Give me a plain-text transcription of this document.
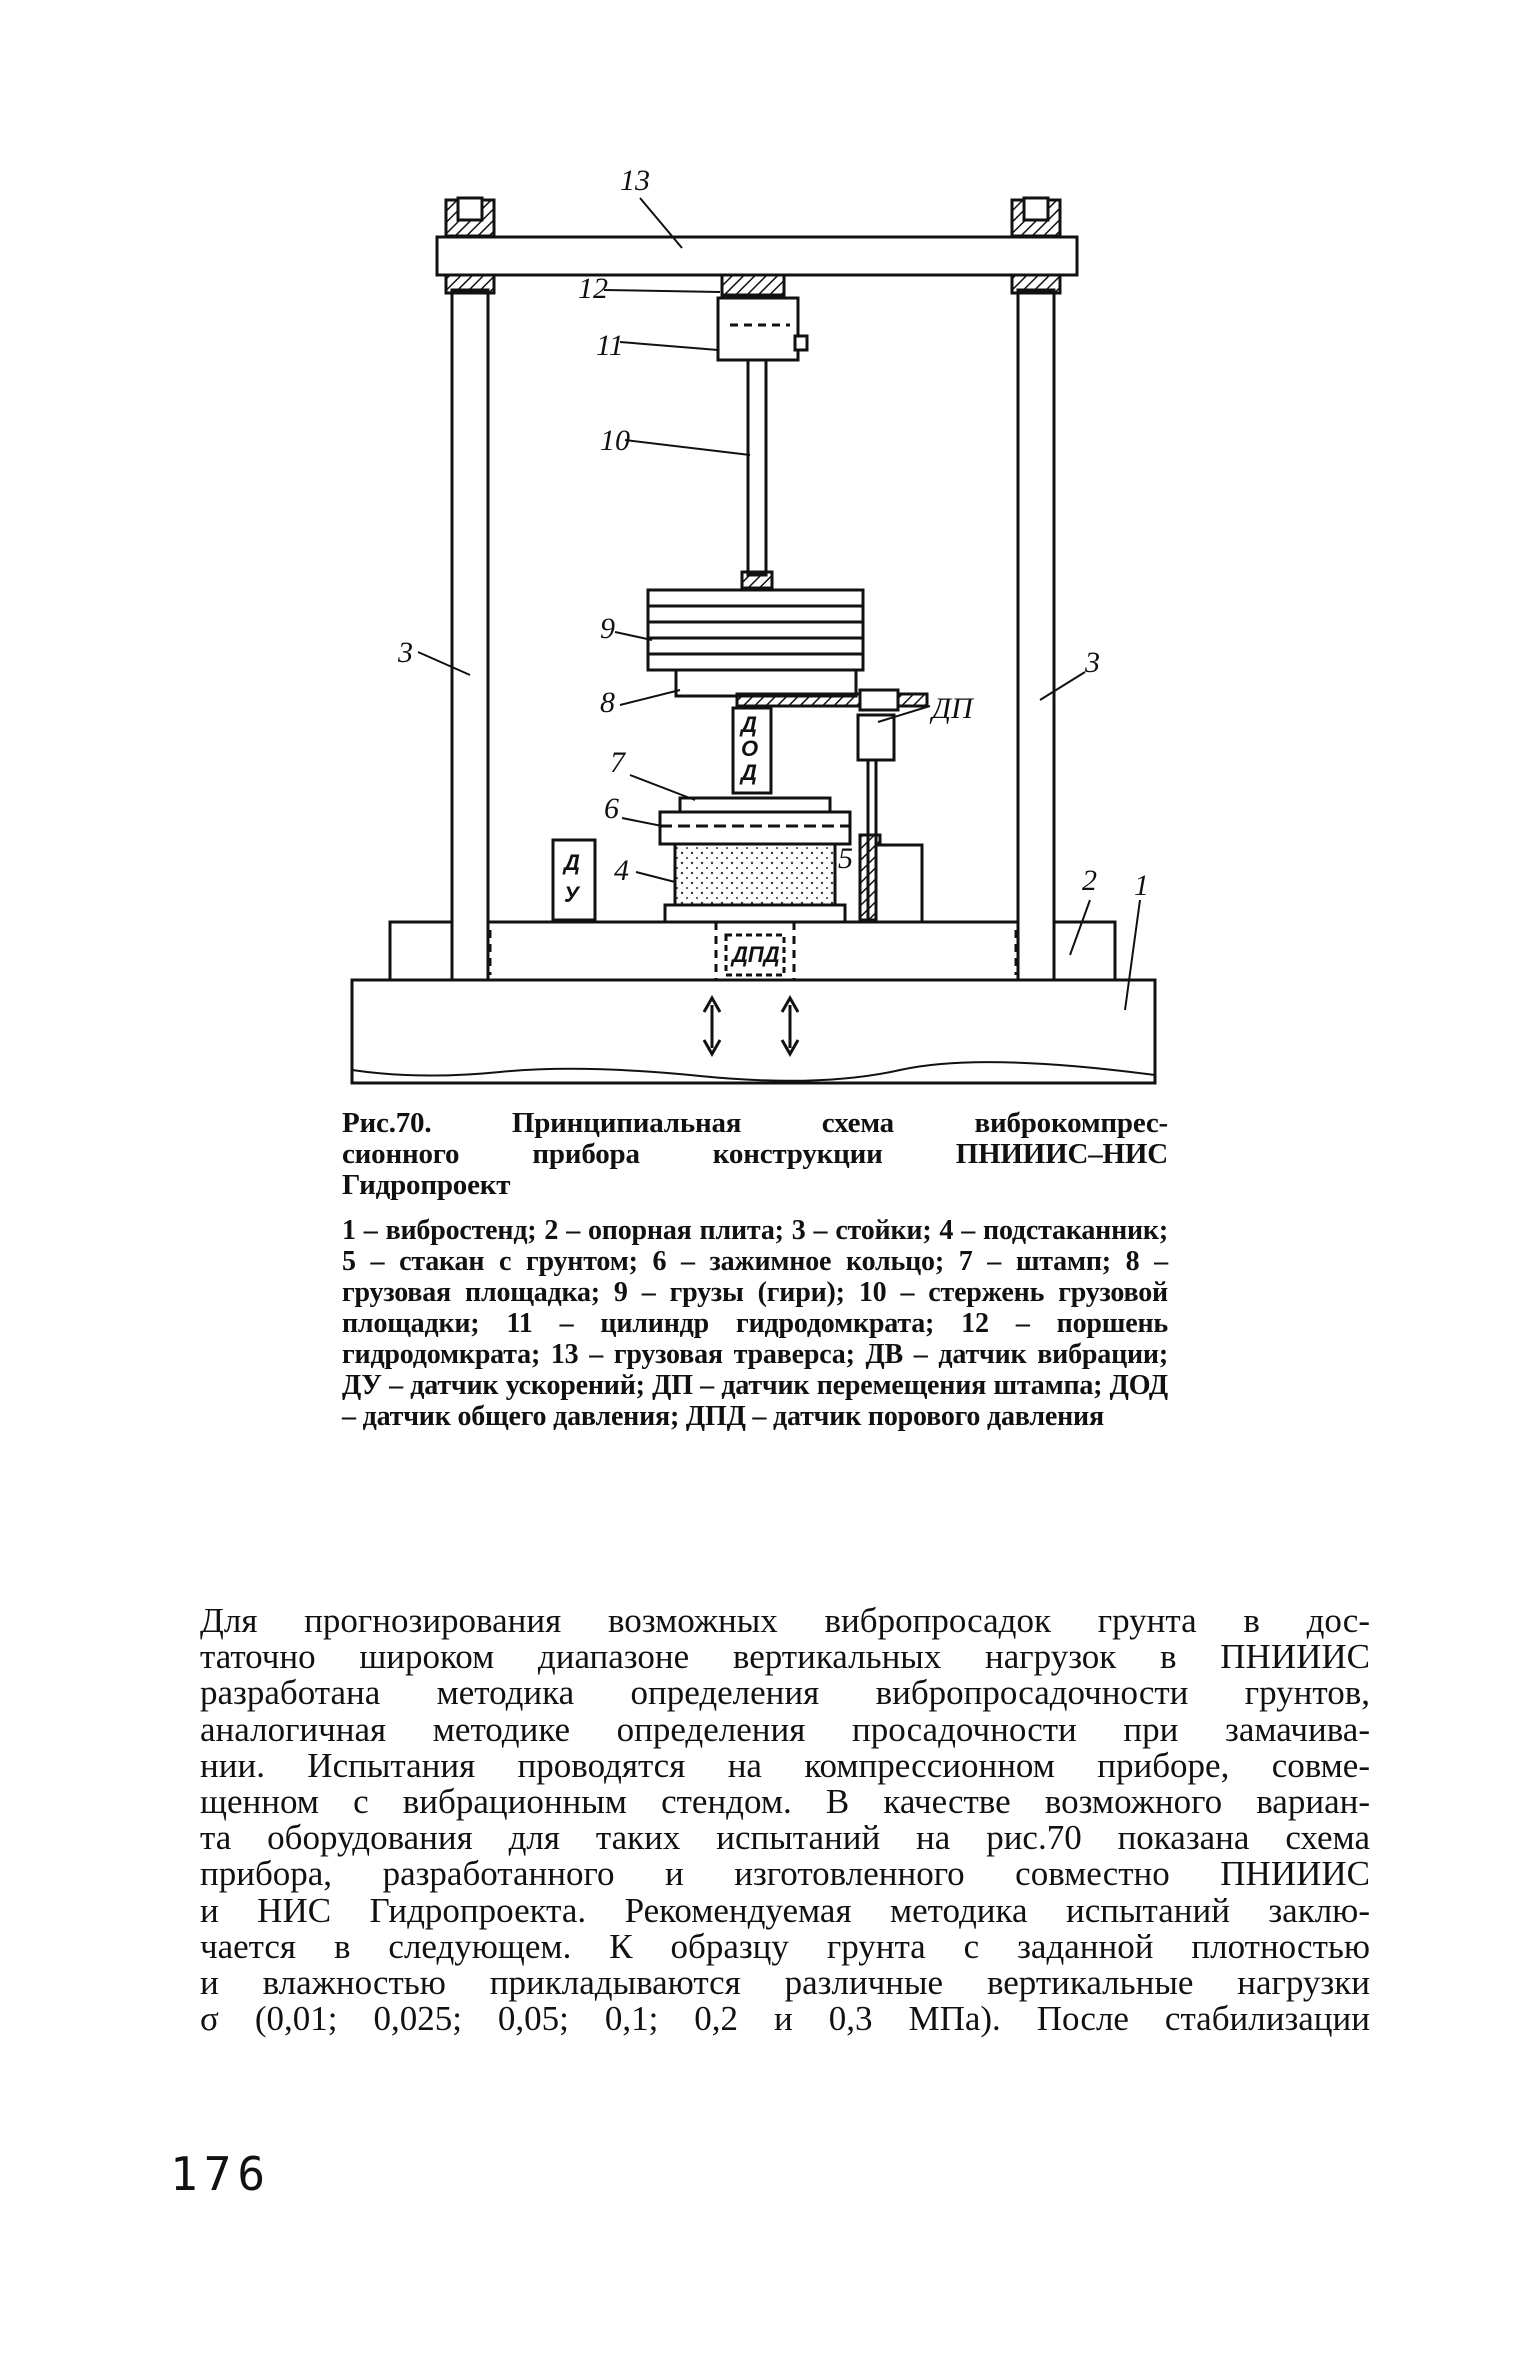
13
12
11
10
9
8
7
6
4	5
3	3
2 1
ДП
Д
О
Д
Д
У
ДПД
Рис.70. Принципиальная схема виброкомпрес-
сионного прибора конструкции ПНИИИС–НИС
Гидропроект
1 – вибростенд; 2 – опорная плита; 3 – стойки; 4 – подстаканник; 5 – стакан с грунтом; 6 – зажимное кольцо; 7 – штамп; 8 – грузовая площадка; 9 – грузы (гири); 10 – стержень грузовой площадки; 11 – цилиндр гидродомкрата; 12 – поршень гидродомкрата; 13 – грузовая траверса; ДВ – датчик вибрации; ДУ – датчик ускорений; ДП – датчик перемещения штампа; ДОД – датчик общего давления; ДПД – датчик порового давления
Для прогнозирования возможных вибропросадок грунта в дос-
таточно широком диапазоне вертикальных нагрузок в ПНИИИС
разработана методика определения вибропросадочности грунтов,
аналогичная методике определения просадочности при замачива-
нии. Испытания проводятся на компрессионном приборе, совме-
щенном с вибрационным стендом. В качестве возможного вариан-
та оборудования для таких испытаний на рис.70 показана схема
прибора, разработанного и изготовленного совместно ПНИИИС
и НИС Гидропроекта. Рекомендуемая методика испытаний заклю-
чается в следующем. К образцу грунта с заданной плотностью
и влажностью прикладываются различные вертикальные нагрузки
σ (0,01; 0,025; 0,05; 0,1; 0,2 и 0,3 МПа). После стабилизации
176
